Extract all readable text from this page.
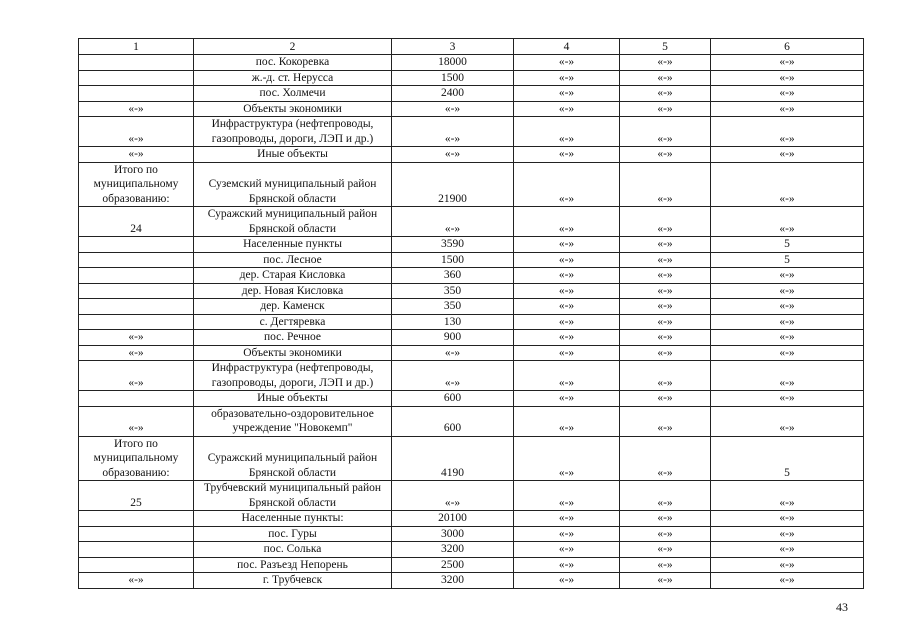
1	2	3	4	5	6
	пос. Кокоревка	18000	«-»	«-»	«-»
	ж.-д. ст. Нерусса	1500	«-»	«-»	«-»
	пос. Холмечи	2400	«-»	«-»	«-»
«-»	Объекты экономики	«-»	«-»	«-»	«-»
«-»	Инфраструктура (нефтепроводы, газопроводы, дороги, ЛЭП и др.)	«-»	«-»	«-»	«-»
«-»	Иные объекты	«-»	«-»	«-»	«-»
Итого по муниципальному образованию:	Суземский муниципальный район Брянской области	21900	«-»	«-»	«-»
24	Суражский муниципальный район Брянской области	«-»	«-»	«-»	«-»
	Населенные пункты	3590	«-»	«-»	5
	пос. Лесное	1500	«-»	«-»	5
	дер. Старая Кисловка	360	«-»	«-»	«-»
	дер. Новая Кисловка	350	«-»	«-»	«-»
	дер. Каменск	350	«-»	«-»	«-»
	с. Дегтяревка	130	«-»	«-»	«-»
«-»	пос. Речное	900	«-»	«-»	«-»
«-»	Объекты экономики	«-»	«-»	«-»	«-»
«-»	Инфраструктура (нефтепроводы, газопроводы, дороги, ЛЭП и др.)	«-»	«-»	«-»	«-»
	Иные объекты	600	«-»	«-»	«-»
«-»	образовательно-оздоровительное учреждение "Новокемп"	600	«-»	«-»	«-»
Итого по муниципальному образованию:	Суражский муниципальный район Брянской области	4190	«-»	«-»	5
25	Трубчевский муниципальный район Брянской области	«-»	«-»	«-»	«-»
	Населенные пункты:	20100	«-»	«-»	«-»
	пос. Гуры	3000	«-»	«-»	«-»
	пос. Солька	3200	«-»	«-»	«-»
	пос. Разъезд Непорень	2500	«-»	«-»	«-»
«-»	г. Трубчевск	3200	«-»	«-»	«-»
43
